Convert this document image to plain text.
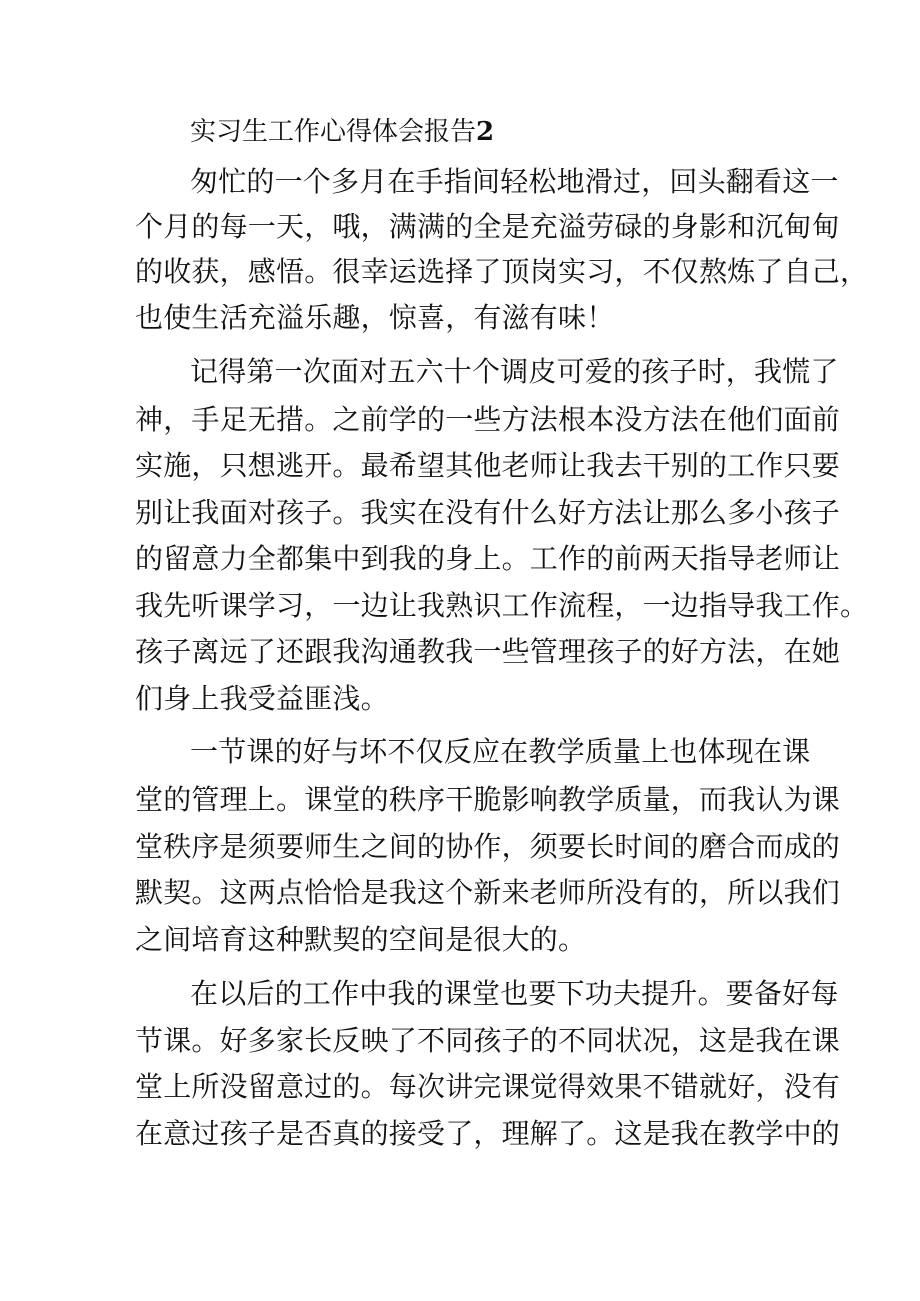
实习生工作心得体会报告2
匆忙的一个多月在手指间轻松地滑过，回头翻看这一
个月的每一天，哦，满满的全是充溢劳碌的身影和沉甸甸
的收获，感悟。很幸运选择了顶岗实习，不仅熬炼了自己，
也使生活充溢乐趣，惊喜，有滋有味！
记得第一次面对五六十个调皮可爱的孩子时，我慌了
神，手足无措。之前学的一些方法根本没方法在他们面前
实施，只想逃开。最希望其他老师让我去干别的工作只要
别让我面对孩子。我实在没有什么好方法让那么多小孩子
的留意力全都集中到我的身上。工作的前两天指导老师让
我先听课学习，一边让我熟识工作流程，一边指导我工作。
孩子离远了还跟我沟通教我一些管理孩子的好方法，在她
们身上我受益匪浅。
一节课的好与坏不仅反应在教学质量上也体现在课
堂的管理上。课堂的秩序干脆影响教学质量，而我认为课
堂秩序是须要师生之间的协作，须要长时间的磨合而成的
默契。这两点恰恰是我这个新来老师所没有的，所以我们
之间培育这种默契的空间是很大的。
在以后的工作中我的课堂也要下功夫提升。要备好每
节课。好多家长反映了不同孩子的不同状况，这是我在课
堂上所没留意过的。每次讲完课觉得效果不错就好，没有
在意过孩子是否真的接受了，理解了。这是我在教学中的
